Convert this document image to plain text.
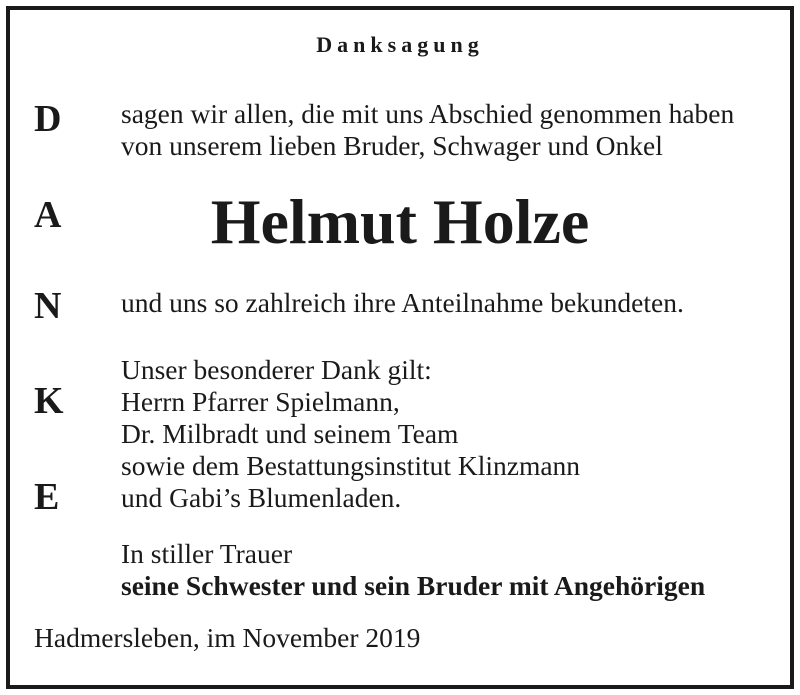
Danksagung
D
A
N
K
E
sagen wir allen, die mit uns Abschied genommen haben
von unserem lieben Bruder, Schwager und Onkel
Helmut Holze
und uns so zahlreich ihre Anteilnahme bekundeten.
Unser besonderer Dank gilt:
Herrn Pfarrer Spielmann,
Dr. Milbradt und seinem Team
sowie dem Bestattungsinstitut Klinzmann
und Gabi’s Blumenladen.
In stiller Trauer
seine Schwester und sein Bruder mit Angehörigen
Hadmersleben, im November 2019
